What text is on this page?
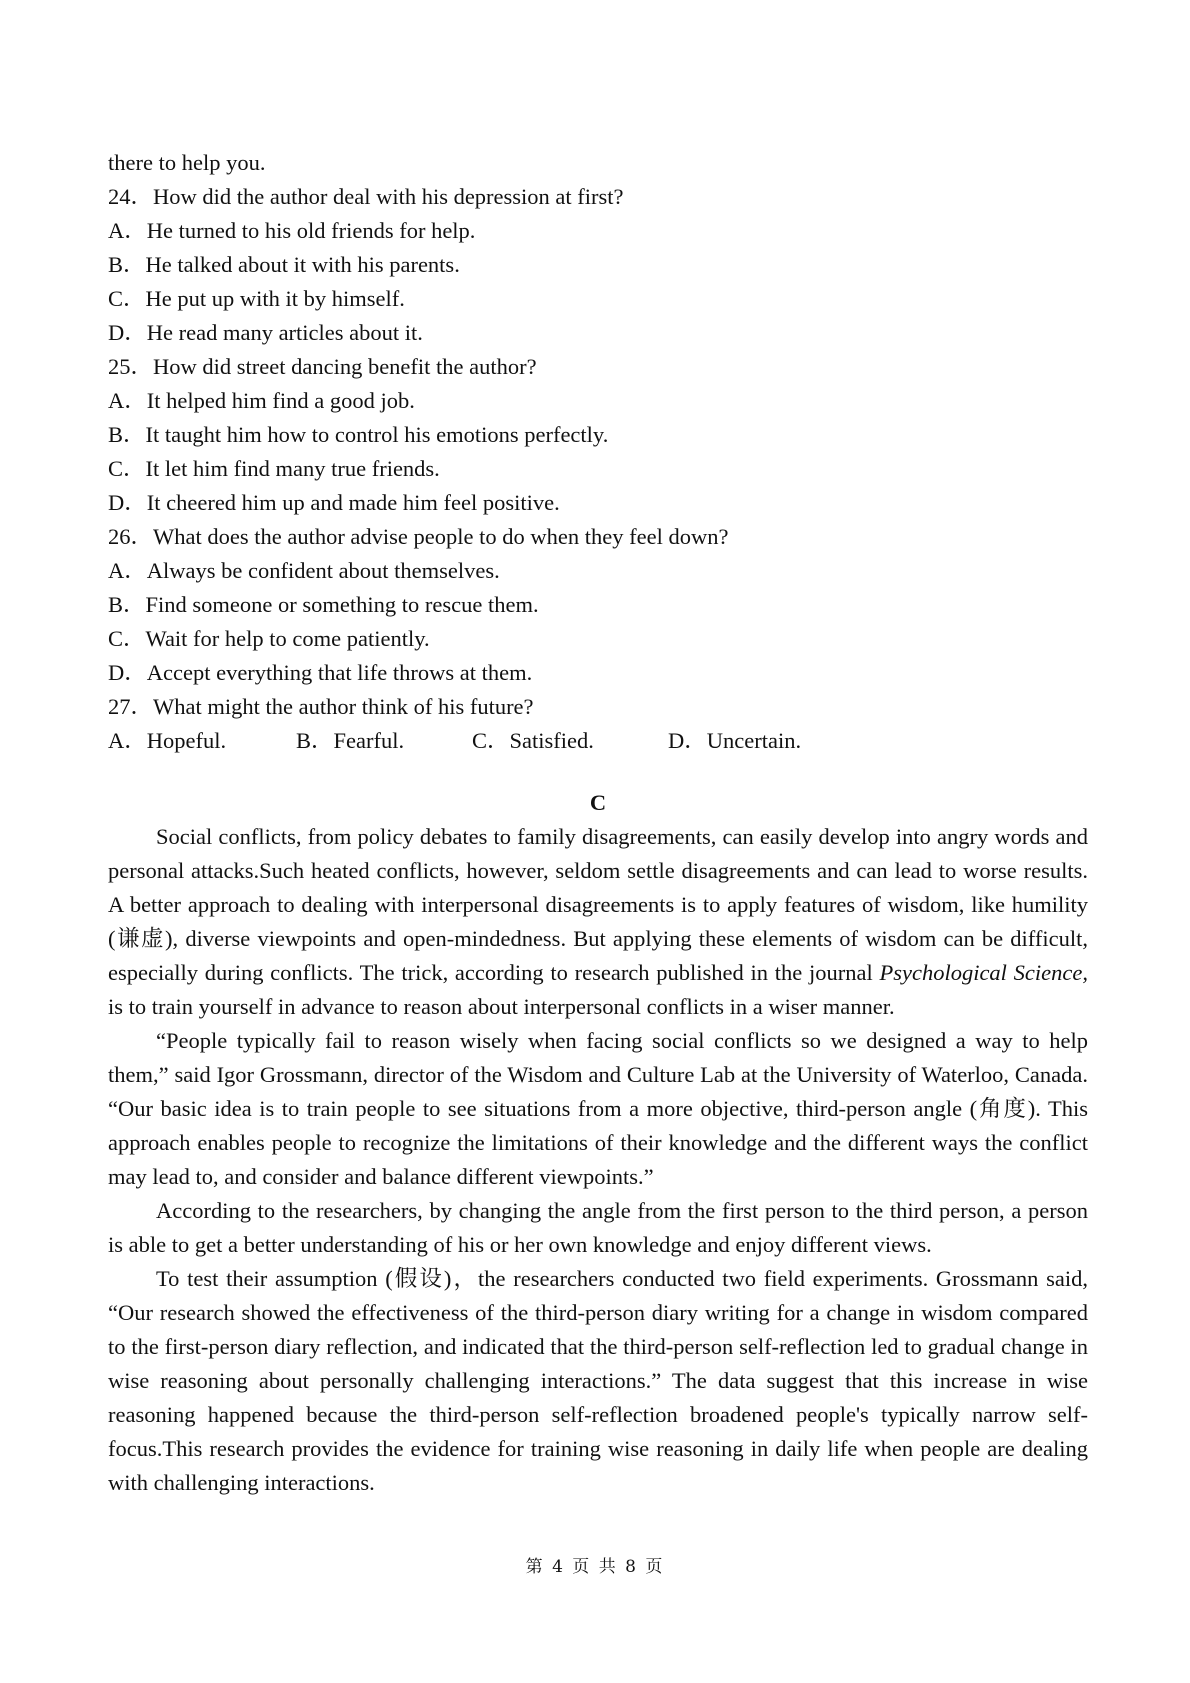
there to help you.
24．How did the author deal with his depression at first?
A．He turned to his old friends for help.
B．He talked about it with his parents.
C．He put up with it by himself.
D．He read many articles about it.
25．How did street dancing benefit the author?
A．It helped him find a good job.
B．It taught him how to control his emotions perfectly.
C．It let him find many true friends.
D．It cheered him up and made him feel positive.
26．What does the author advise people to do when they feel down?
A．Always be confident about themselves.
B．Find someone or something to rescue them.
C．Wait for help to come patiently.
D．Accept everything that life throws at them.
27．What might the author think of his future?
A．Hopeful.	B．Fearful.	C．Satisfied.	D．Uncertain.
C

Social conflicts, from policy debates to family disagreements, can easily develop into angry words and personal attacks.Such heated conflicts, however, seldom settle disagreements and can lead to worse results. A better approach to dealing with interpersonal disagreements is to apply features of wisdom, like humility (谦虚), diverse viewpoints and open-mindedness. But applying these elements of wisdom can be difficult, especially during conflicts. The trick, according to research published in the journal Psychological Science, is to train yourself in advance to reason about interpersonal conflicts in a wiser manner.

“People typically fail to reason wisely when facing social conflicts so we designed a way to help them,” said Igor Grossmann, director of the Wisdom and Culture Lab at the University of Waterloo, Canada. “Our basic idea is to train people to see situations from a more objective, third-person angle (角度). This approach enables people to recognize the limitations of their knowledge and the different ways the conflict may lead to, and consider and balance different viewpoints.”

According to the researchers, by changing the angle from the first person to the third person, a person is able to get a better understanding of his or her own knowledge and enjoy different views.

To test their assumption (假设)，the researchers conducted two field experiments. Grossmann said, “Our research showed the effectiveness of the third-person diary writing for a change in wisdom compared to the first-person diary reflection, and indicated that the third-person self-reflection led to gradual change in wise reasoning about personally challenging interactions.” The data suggest that this increase in wise reasoning happened because the third-person self-reflection broadened people's typically narrow self-focus.This research provides the evidence for training wise reasoning in daily life when people are dealing with challenging interactions.

第 4 页 共 8 页
